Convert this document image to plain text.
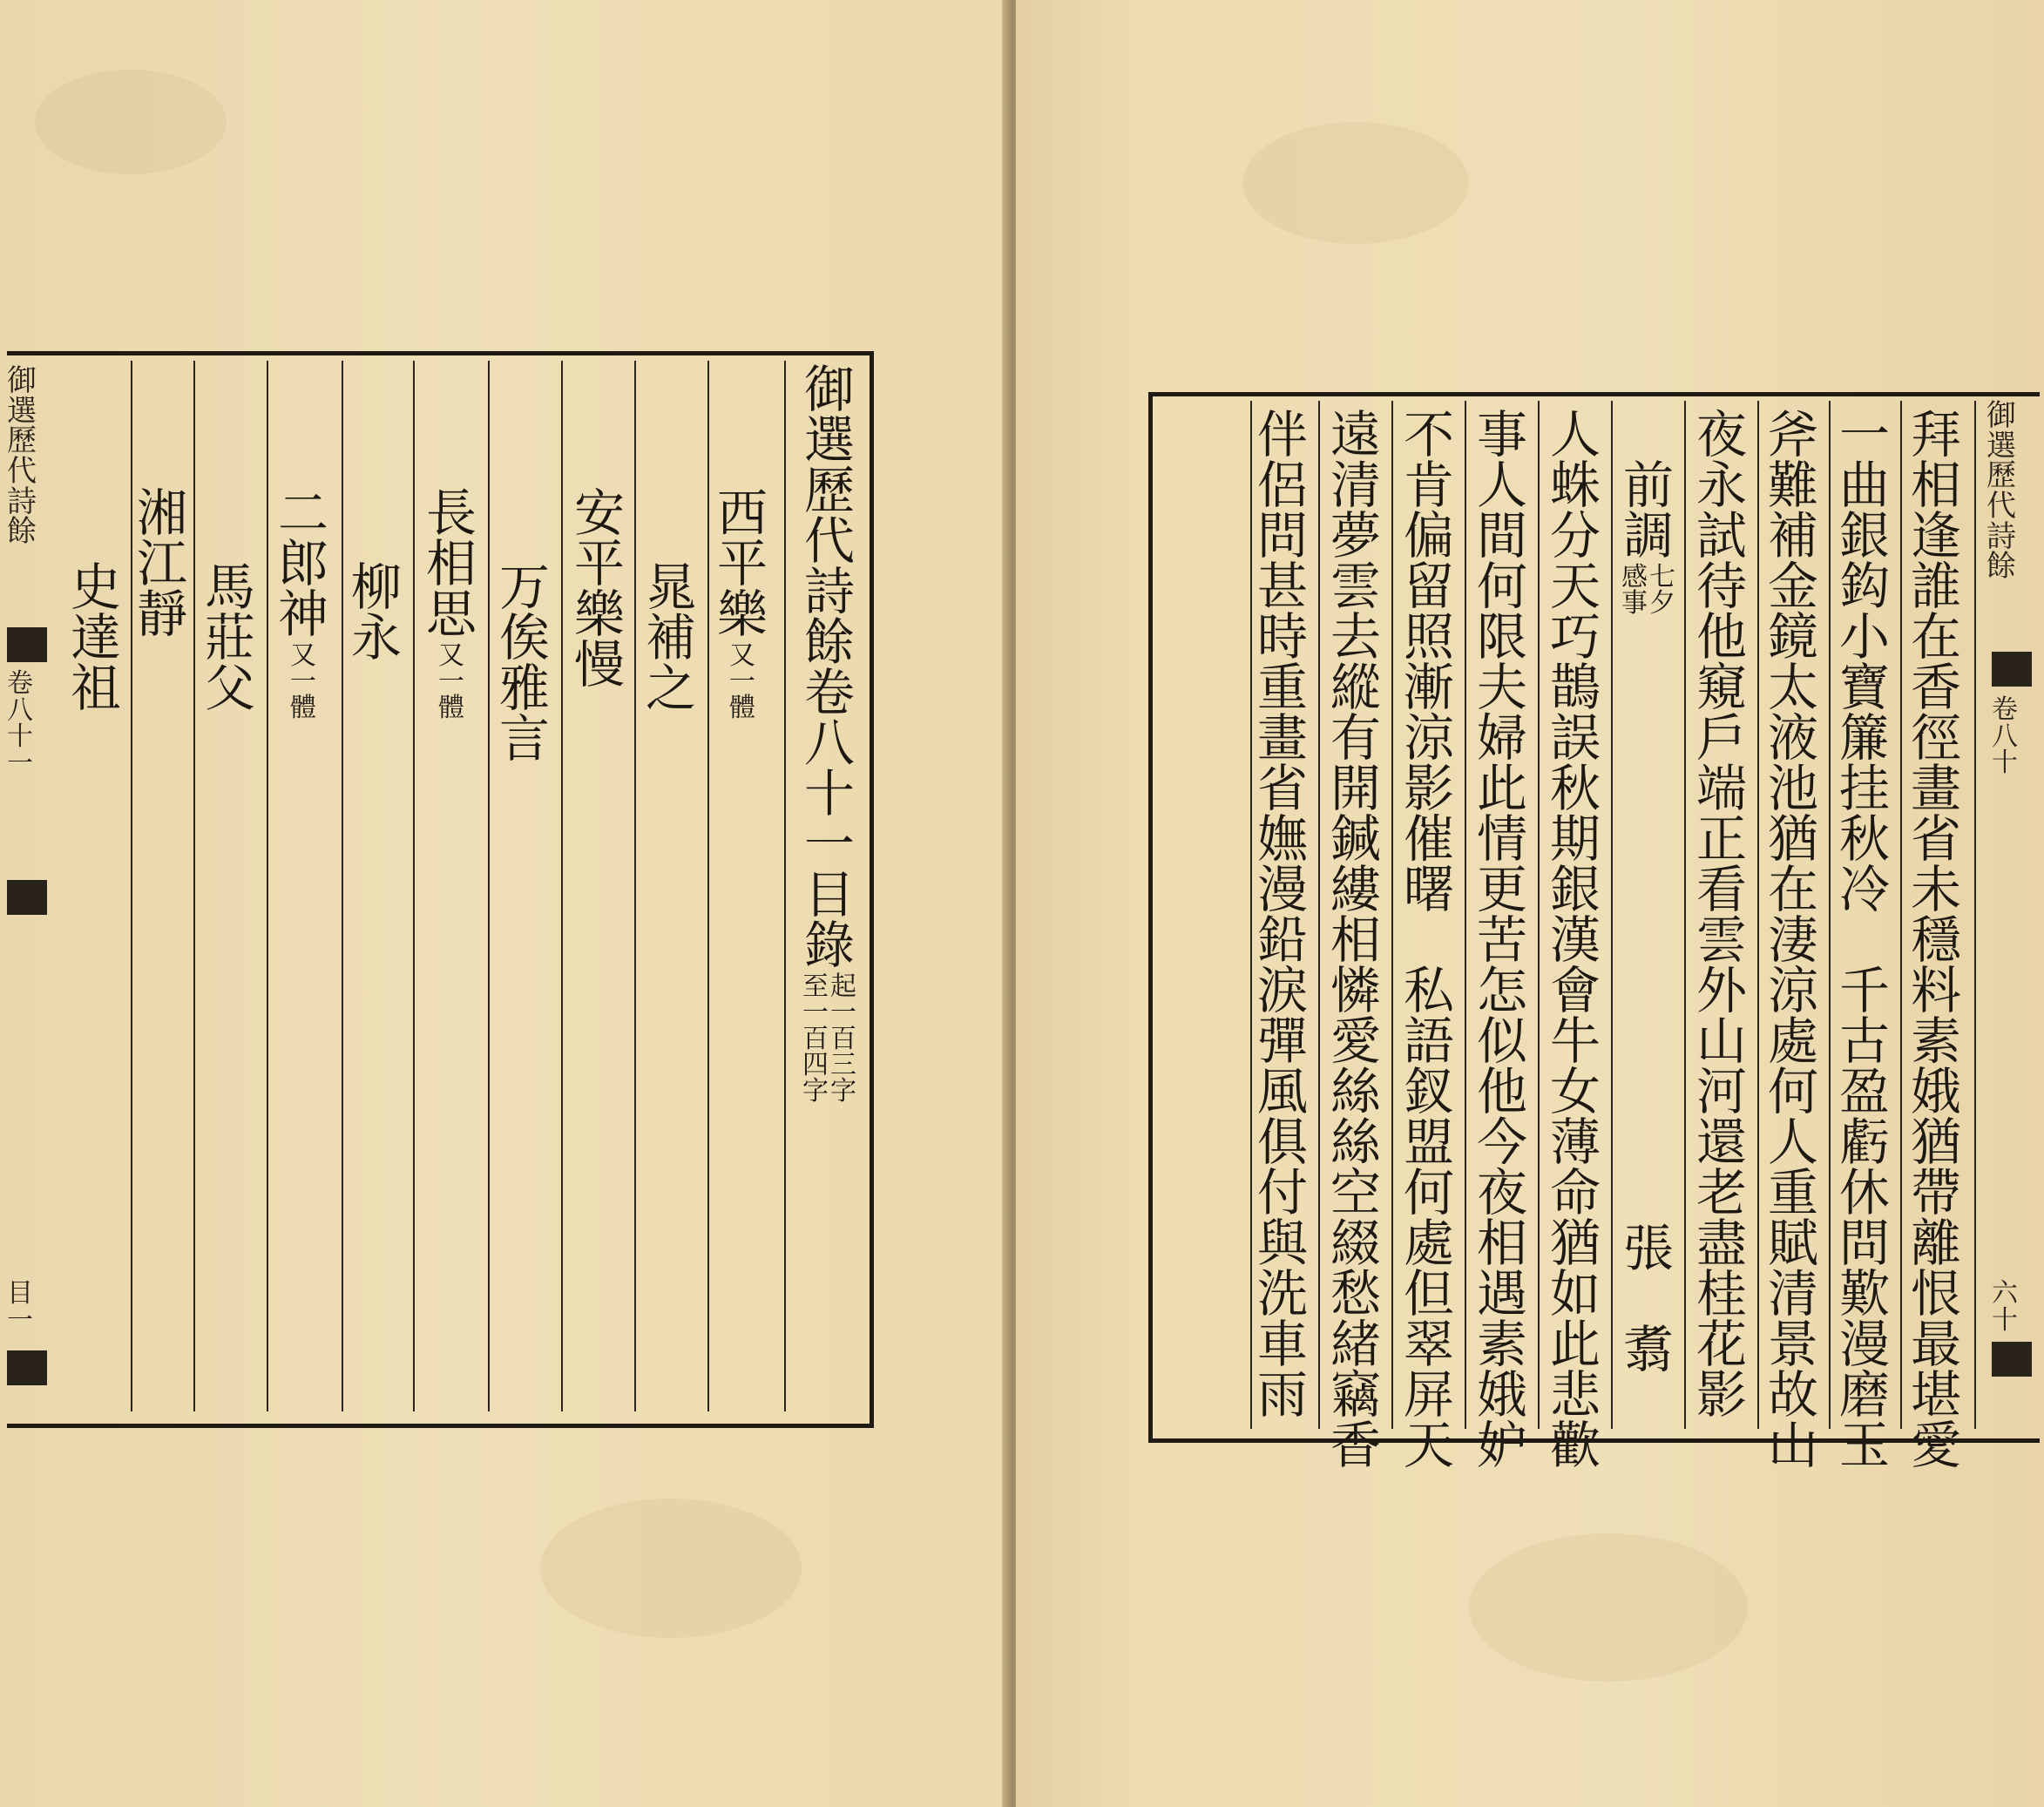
御
選
歷
代
詩
餘
卷
八
十
一
目
一
御
選
歷
代
詩
餘
卷
八
十
一
目
錄
起
一
百
三
字
至
一
百
四
字
西
平
樂
又
一
體
晁
補
之
安
平
樂
慢
万
俟
雅
言
長
相
思
又
一
體
柳
永
二
郎
神
又
一
體
馬
莊
父
湘
江
靜
史
達
祖
御
選
歷
代
詩
餘
卷
八
十
六
十
拜
相
逢
誰
在
香
徑
畫
省
未
穩
料
素
娥
猶
帶
離
恨
最
堪
愛
一
曲
銀
鈎
小
寶
簾
挂
秋
冷

千
古
盈
虧
休
問
歎
漫
磨
玉
斧
難
補
金
鏡
太
液
池
猶
在
淒
涼
處
何
人
重
賦
清
景
故
山
夜
永
試
待
他
窺
戶
端
正
看
雲
外
山
河
還
老
盡
桂
花
影

前
調
七
夕
感
事

張

翥
人
蛛
分
天
巧
鵲
誤
秋
期
銀
漢
會
牛
女
薄
命
猶
如
此
悲
歡
事
人
間
何
限
夫
婦
此
情
更
苦
怎
似
他
今
夜
相
遇
素
娥
妒
不
肯
偏
留
照
漸
涼
影
催
曙

私
語
釵
盟
何
處
但
翠
屏
天
遠
清
夢
雲
去
縱
有
開
鍼
縷
相
憐
愛
絲
絲
空
綴
愁
緒
竊
香
伴
侶
問
甚
時
重
畫
省
嫵
漫
鉛
淚
彈
風
俱
付
與
洗
車
雨
